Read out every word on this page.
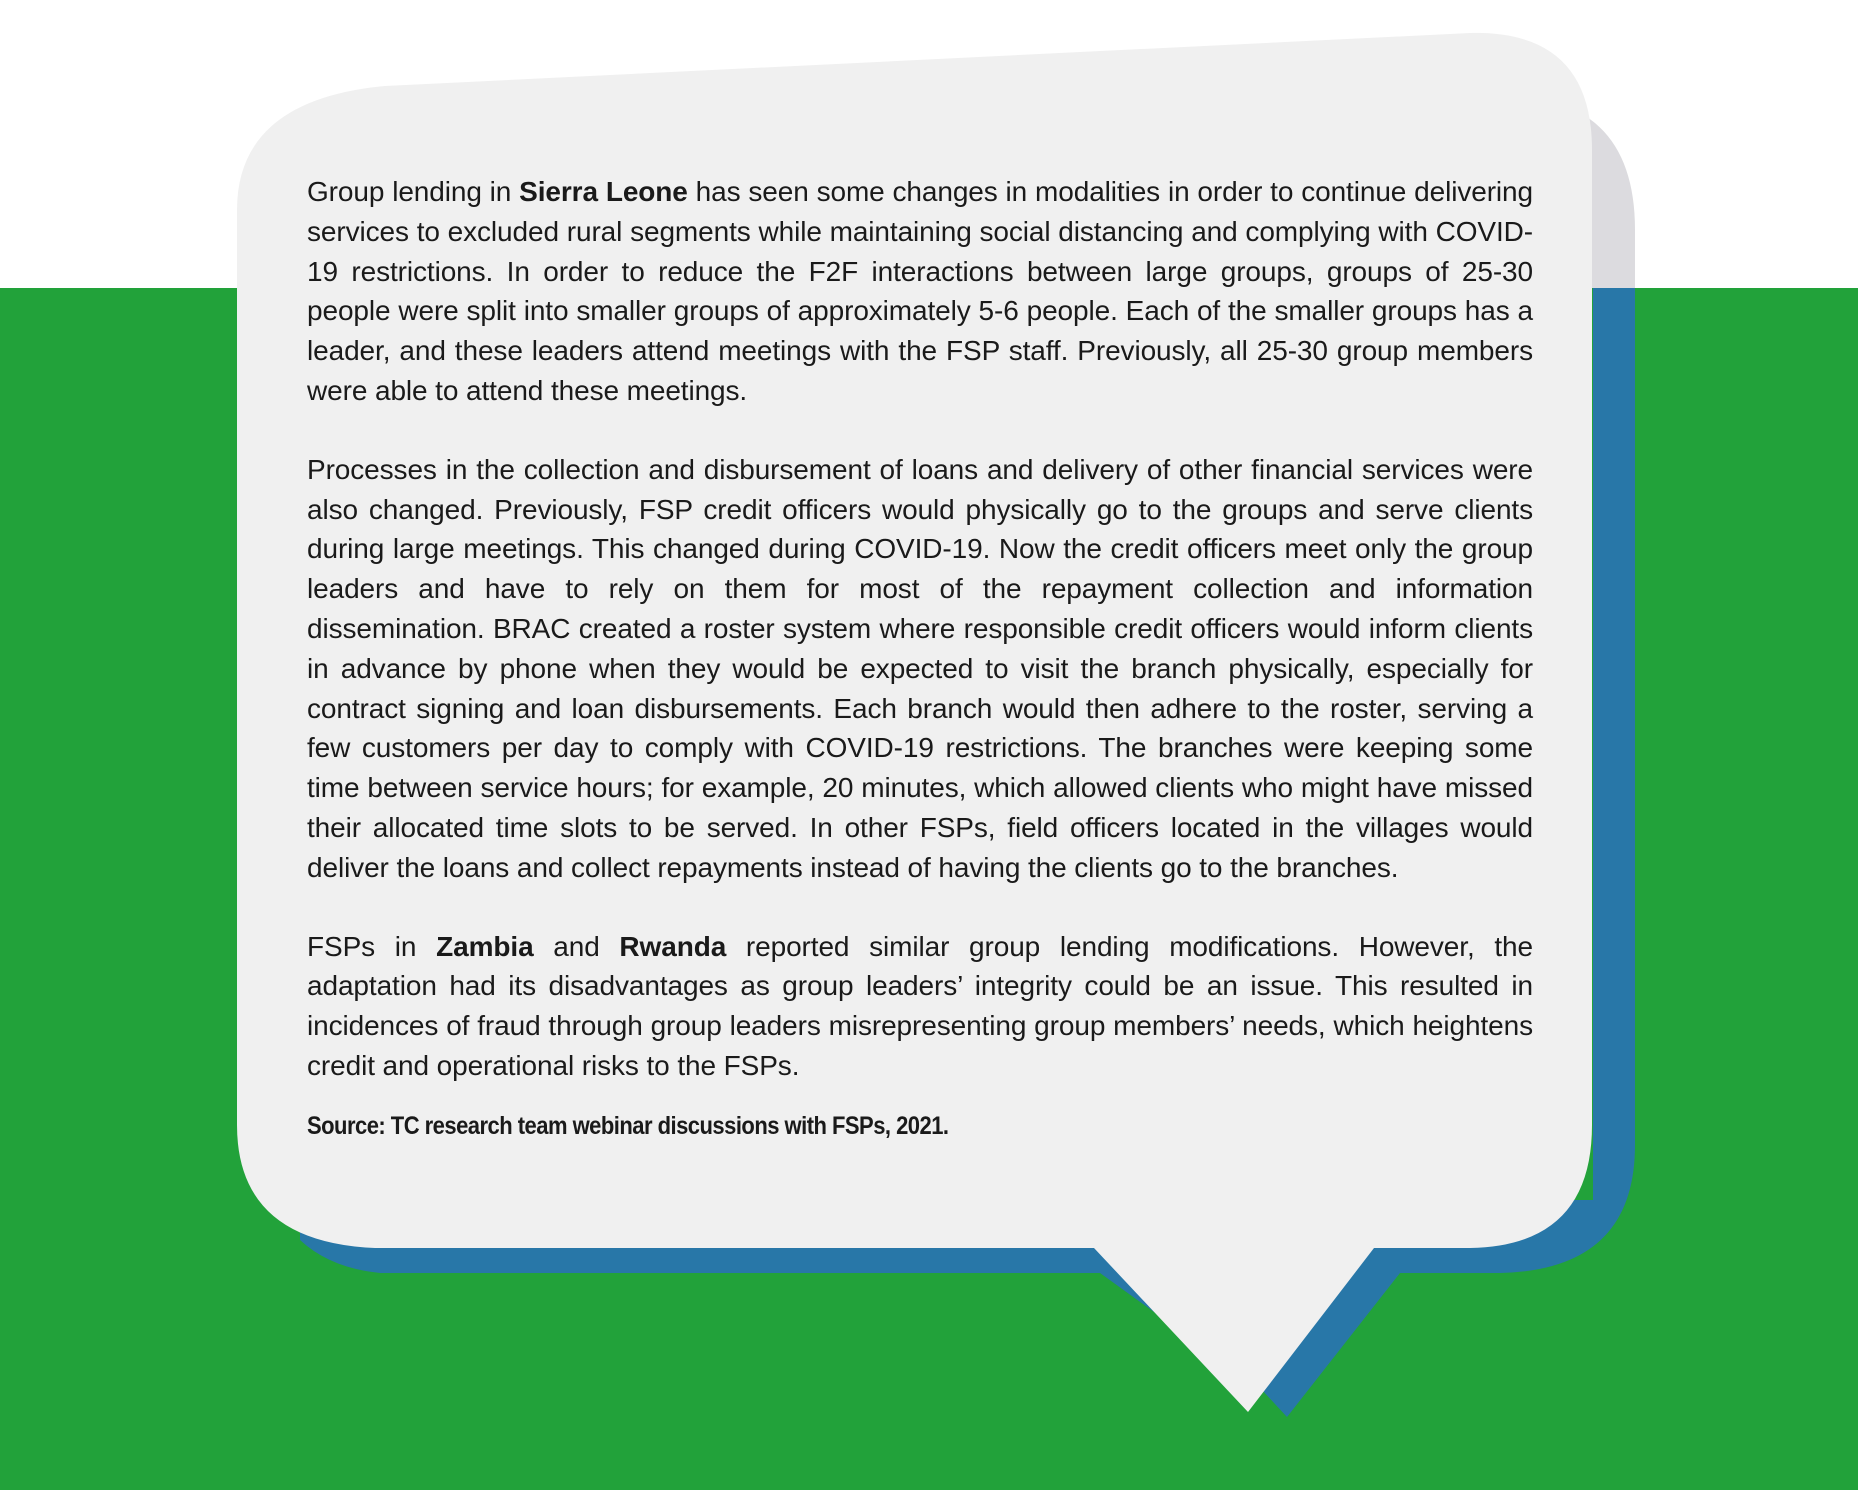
Group lending in Sierra Leone has seen some changes in modalities in order to continue delivering services to excluded rural segments while maintaining social distancing and complying with COVID-19 restrictions. In order to reduce the F2F interactions between large groups, groups of 25-30 people were split into smaller groups of approximately 5-6 people. Each of the smaller groups has a leader, and these leaders attend meetings with the FSP staff. Previously, all 25-30 group members were able to attend these meetings.

Processes in the collection and disbursement of loans and delivery of other financial services were also changed. Previously, FSP credit officers would physically go to the groups and serve clients during large meetings. This changed during COVID-19. Now the credit officers meet only the group leaders and have to rely on them for most of the repayment collection and information dissemination. BRAC created a roster system where responsible credit officers would inform clients in advance by phone when they would be expected to visit the branch physically, especially for contract signing and loan disbursements. Each branch would then adhere to the roster, serving a few customers per day to comply with COVID-19 restrictions. The branches were keeping some time between service hours; for example, 20 minutes, which allowed clients who might have missed their allocated time slots to be served. In other FSPs, field officers located in the villages would deliver the loans and collect repayments instead of having the clients go to the branches.

FSPs in Zambia and Rwanda reported similar group lending modifications. However, the adaptation had its disadvantages as group leaders’ integrity could be an issue. This resulted in incidences of fraud through group leaders misrepresenting group members’ needs, which heightens credit and operational risks to the FSPs.

Source: TC research team webinar discussions with FSPs, 2021.
